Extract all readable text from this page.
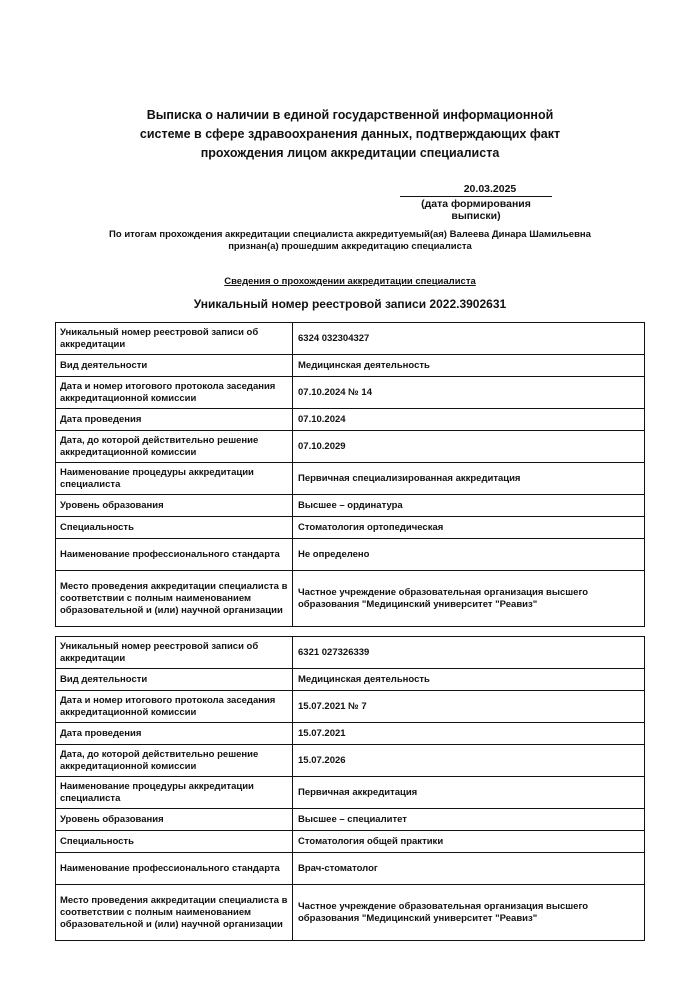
Выписка о наличии в единой государственной информационной
системе в сфере здравоохранения данных, подтверждающих факт
прохождения лицом аккредитации специалиста
20.03.2025
(дата формирования выписки)
По итогам прохождения аккредитации специалиста аккредитуемый(ая) Валеева Динара Шамильевна
признан(а) прошедшим аккредитацию специалиста
Сведения о прохождении аккредитации специалиста
Уникальный номер реестровой записи 2022.3902631
Уникальный номер реестровой записи об аккредитации	6324 032304327
Вид деятельности	Медицинская деятельность
Дата и номер итогового протокола заседания аккредитационной комиссии	07.10.2024 № 14
Дата проведения	07.10.2024
Дата, до которой действительно решение аккредитационной комиссии	07.10.2029
Наименование процедуры аккредитации специалиста	Первичная специализированная аккредитация
Уровень образования	Высшее – ординатура
Специальность	Стоматология ортопедическая
Наименование профессионального стандарта	Не определено
Место проведения аккредитации специалиста в соответствии с полным наименованием образовательной и (или) научной организации	Частное учреждение образовательная организация высшего образования "Медицинский университет "Реавиз"
Уникальный номер реестровой записи об аккредитации	6321 027326339
Вид деятельности	Медицинская деятельность
Дата и номер итогового протокола заседания аккредитационной комиссии	15.07.2021 № 7
Дата проведения	15.07.2021
Дата, до которой действительно решение аккредитационной комиссии	15.07.2026
Наименование процедуры аккредитации специалиста	Первичная аккредитация
Уровень образования	Высшее – специалитет
Специальность	Стоматология общей практики
Наименование профессионального стандарта	Врач-стоматолог
Место проведения аккредитации специалиста в соответствии с полным наименованием образовательной и (или) научной организации	Частное учреждение образовательная организация высшего образования "Медицинский университет "Реавиз"
